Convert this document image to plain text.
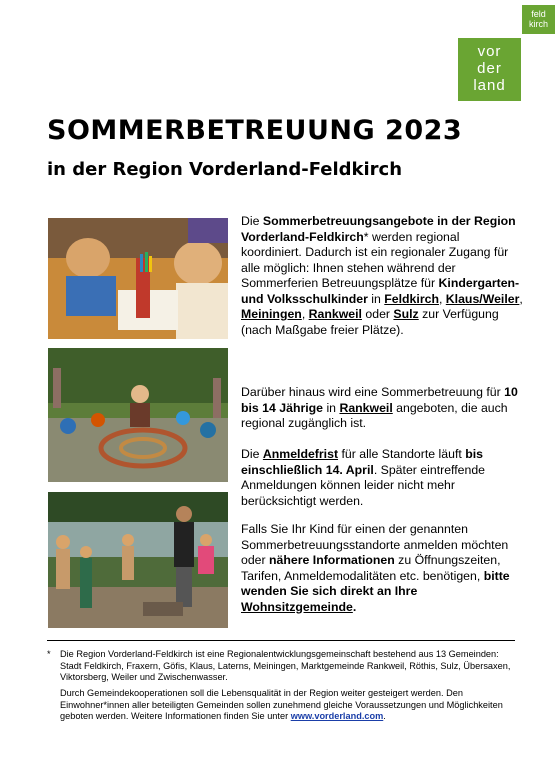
feld
kirch
vor
der
land
SOMMERBETREUUNG 2023
in der Region Vorderland-Feldkirch
Die Sommerbetreuungsangebote in der Region Vorderland-Feldkirch* werden regional koordiniert. Dadurch ist ein regionaler Zugang für alle möglich: Ihnen stehen während der Sommerferien Betreuungsplätze für Kindergarten- und Volksschulkinder in Feldkirch, Klaus/Weiler, Meiningen, Rankweil oder Sulz zur Verfügung (nach Maßgabe freier Plätze).
Darüber hinaus wird eine Sommerbetreuung für 10 bis 14 Jährige in Rankweil angeboten, die auch regional zugänglich ist.
Die Anmeldefrist für alle Standorte läuft bis einschließlich 14. April. Später eintreffende Anmeldungen können leider nicht mehr berücksichtigt werden.
Falls Sie Ihr Kind für einen der genannten Sommerbetreuungsstandorte anmelden möchten oder nähere Informationen zu Öffnungszeiten, Tarifen, Anmeldemodalitäten etc. benötigen, bitte wenden Sie sich direkt an Ihre Wohnsitzgemeinde.
* Die Region Vorderland-Feldkirch ist eine Regionalentwicklungsgemeinschaft bestehend aus 13 Gemeinden: Stadt Feldkirch, Fraxern, Göfis, Klaus, Laterns, Meiningen, Marktgemeinde Rankweil, Röthis, Sulz, Übersaxen, Viktorsberg, Weiler und Zwischenwasser.
Durch Gemeindekooperationen soll die Lebensqualität in der Region weiter gesteigert werden. Den Einwohner*innen aller beteiligten Gemeinden sollen zunehmend gleiche Voraussetzungen und Möglichkeiten geboten werden. Weitere Informationen finden Sie unter www.vorderland.com.
